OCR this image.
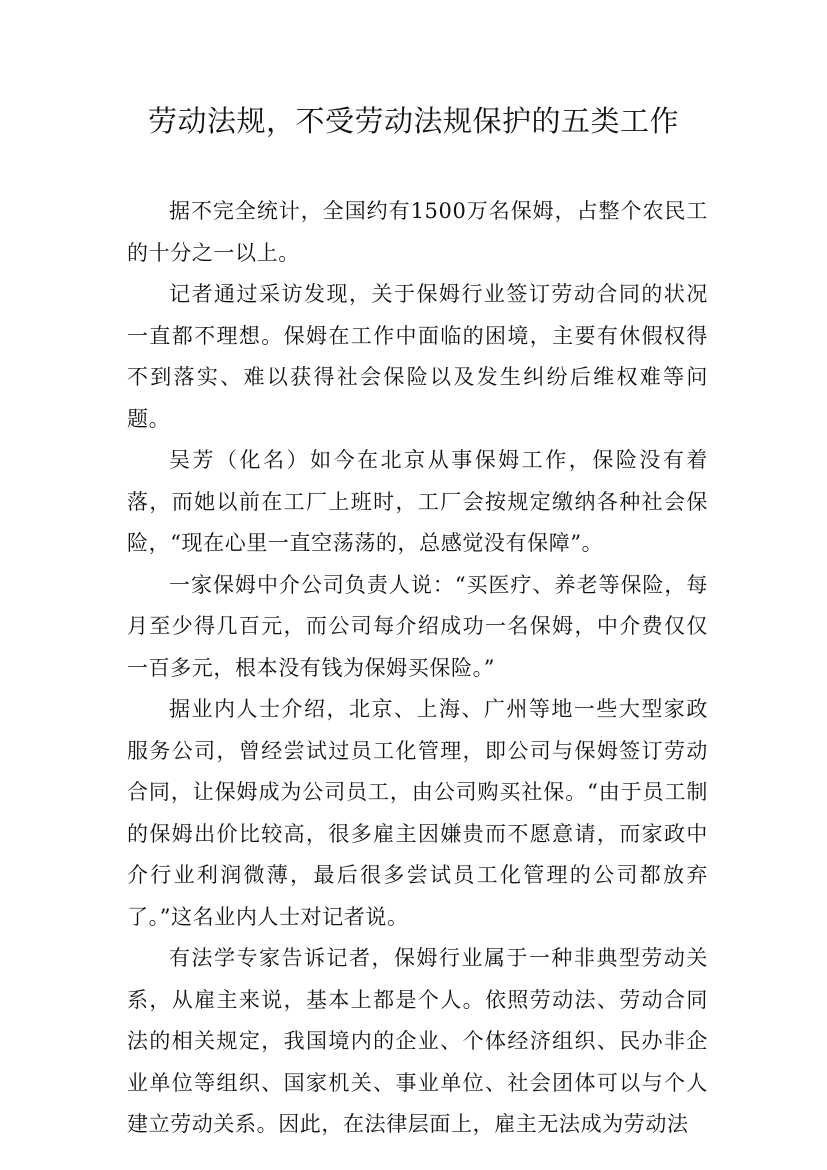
劳动法规，不受劳动法规保护的五类工作

据不完全统计，全国约有1500万名保姆，占整个农民工的十分之一以上。

记者通过采访发现，关于保姆行业签订劳动合同的状况一直都不理想。保姆在工作中面临的困境，主要有休假权得不到落实、难以获得社会保险以及发生纠纷后维权难等问题。

吴芳（化名）如今在北京从事保姆工作，保险没有着落，而她以前在工厂上班时，工厂会按规定缴纳各种社会保险，“现在心里一直空荡荡的，总感觉没有保障”。

一家保姆中介公司负责人说：“买医疗、养老等保险，每月至少得几百元，而公司每介绍成功一名保姆，中介费仅仅一百多元，根本没有钱为保姆买保险。”

据业内人士介绍，北京、上海、广州等地一些大型家政服务公司，曾经尝试过员工化管理，即公司与保姆签订劳动合同，让保姆成为公司员工，由公司购买社保。“由于员工制的保姆出价比较高，很多雇主因嫌贵而不愿意请，而家政中介行业利润微薄，最后很多尝试员工化管理的公司都放弃了。”这名业内人士对记者说。

有法学专家告诉记者，保姆行业属于一种非典型劳动关系，从雇主来说，基本上都是个人。依照劳动法、劳动合同法的相关规定，我国境内的企业、个体经济组织、民办非企业单位等组织、国家机关、事业单位、社会团体可以与个人建立劳动关系。因此，在法律层面上，雇主无法成为劳动法
